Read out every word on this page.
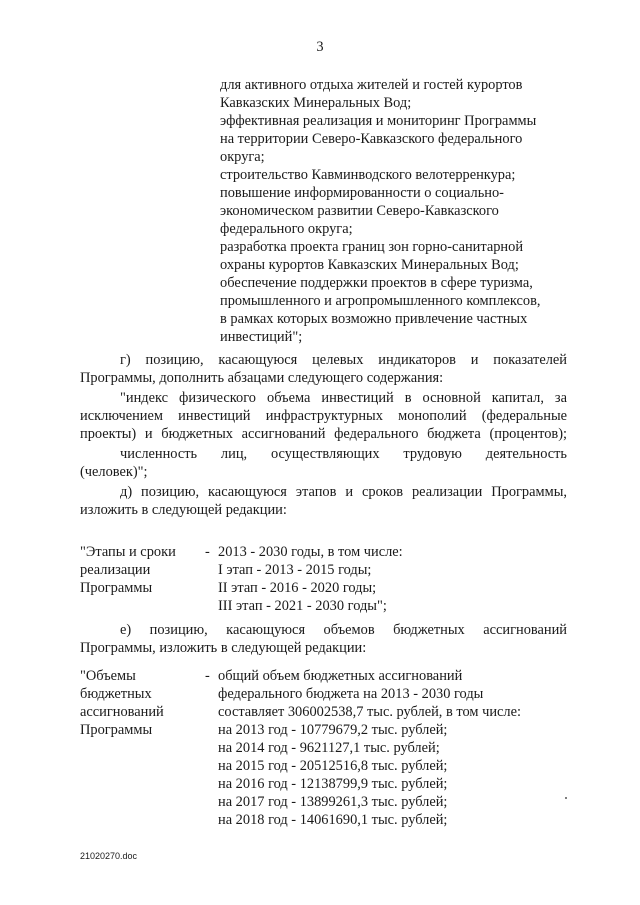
3

для активного отдыха жителей и гостей курортов

Кавказских Минеральных Вод;

эффективная реализация и мониторинг Программы

на территории Северо-Кавказского федерального

округа;

строительство Кавминводского велотерренкура;

повышение информированности о социально-

экономическом развитии Северо-Кавказского

федерального округа;

разработка проекта границ зон горно-санитарной

охраны курортов Кавказских Минеральных Вод;

обеспечение поддержки проектов в сфере туризма,

промышленного и агропромышленного комплексов,

в рамках которых возможно привлечение частных

инвестиций";

г) позицию, касающуюся целевых индикаторов и показателей

Программы, дополнить абзацами следующего содержания:

"индекс физического объема инвестиций в основной капитал, за

исключением инвестиций инфраструктурных монополий (федеральные

проекты) и бюджетных ассигнований федерального бюджета (процентов);

численность лиц, осуществляющих трудовую деятельность

(человек)";

д) позицию, касающуюся этапов и сроков реализации Программы,

изложить в следующей редакции:

"Этапы и сроки	- 2013 - 2030 годы, в том числе:
реализации	I этап - 2013 - 2015 годы;
Программы	II этап - 2016 - 2020 годы;
III этап - 2021 - 2030 годы";

е) позицию, касающуюся объемов бюджетных ассигнований

Программы, изложить в следующей редакции:

"Объемы	- общий объем бюджетных ассигнований
бюджетных	федерального бюджета на 2013 - 2030 годы
ассигнований	составляет 306002538,7 тыс. рублей, в том числе:
Программы	на 2013 год - 10779679,2 тыс. рублей;
на 2014 год - 9621127,1 тыс. рублей;
на 2015 год - 20512516,8 тыс. рублей;
на 2016 год - 12138799,9 тыс. рублей;
на 2017 год - 13899261,3 тыс. рублей;
на 2018 год - 14061690,1 тыс. рублей;
21020270.doc
